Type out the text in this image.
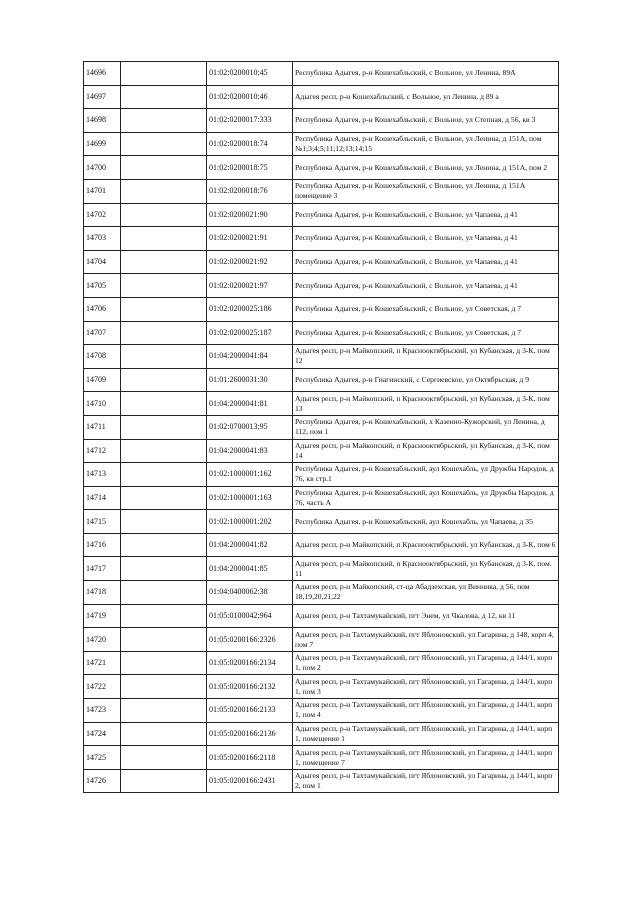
14696		01:02:0200010:45	Республика Адыгея, р-н Кошехабльский, с Вольное, ул Ленина, 89А
14697		01:02:0200010:46	Адыгея респ, р-н Кошехабльский, с Вольное, ул Ленина, д 89 а
14698		01:02:0200017:333	Республика Адыгея, р-н Кошехабльский, с Вольное, ул Степная, д 56, кв 3
14699		01:02:0200018:74	Республика Адыгея, р-н Кошехабльский, с Вольное, ул Ленина, д 151А, пом №1;3;4;5;11;12;13;14;15
14700		01:02:0200018:75	Республика Адыгея, р-н Кошехабльский, с Вольное, ул Ленина, д 151А, пом 2
14701		01:02:0200018:76	Республика Адыгея, р-н Кошехабльский, с Вольное, ул Ленина, д 151А помещение 3
14702		01:02:0200021:90	Республика Адыгея, р-н Кошехабльский, с Вольное, ул Чапаева, д 41
14703		01:02:0200021:91	Республика Адыгея, р-н Кошехабльский, с Вольное, ул Чапаева, д 41
14704		01:02:0200021:92	Республика Адыгея, р-н Кошехабльский, с Вольное, ул Чапаева, д 41
14705		01:02:0200021:97	Республика Адыгея, р-н Кошехабльский, с Вольное, ул Чапаева, д 41
14706		01:02:0200025:186	Республика Адыгея, р-н Кошехабльский, с Вольное, ул Советская, д 7
14707		01:02:0200025:187	Республика Адыгея, р-н Кошехабльский, с Вольное, ул Советская, д 7
14708		01:04:2000041:84	Адыгея респ, р-н Майкопский, п Краснооктябрьский, ул Кубанская, д 3-К, пом 12
14709		01:01:2600031:30	Республика Адыгея, р-н Гиагинский, с Сергиевское, ул Октябрьская, д 9
14710		01:04:2000041:81	Адыгея респ, р-н Майкопский, п Краснооктябрьский, ул Кубанская, д 3-К, пом 13
14711		01:02:0700013:95	Республика Адыгея, р-н Кошехабльский, х Казенно-Кужорский, ул Ленина, д 112, пом 1
14712		01:04:2000041:83	Адыгея респ, р-н Майкопский, п Краснооктябрьский, ул Кубанская, д 3-К, пом 14
14713		01:02:1000001:162	Республика Адыгея, р-н Кошехабльский, аул Кошехабль, ул Дружбы Народов, д 76, кв стр.1
14714		01:02:1000001:163	Республика Адыгея, р-н Кошехабльский, аул Кошехабль, ул Дружбы Народов, д 76, часть А
14715		01:02:1000001:202	Республика Адыгея, р-н Кошехабльский, аул Кошехабль, ул Чапаева, д 35
14716		01:04:2000041:82	Адыгея респ, р-н Майкопский, п Краснооктябрьский, ул Кубанская, д 3-К, пом 6
14717		01:04:2000041:85	Адыгея респ, р-н Майкопский, п Краснооктябрьский, ул Кубанская, д 3-К, пом. 11
14718		01:04:0400062:38	Адыгея респ, р-н Майкопский, ст-ца Абадзехская, ул Винника, д 56, пом 18,19,20,21,22
14719		01:05:0100042:964	Адыгея респ, р-н Тахтамукайский, пгт Энем, ул Чкалова, д 12, кв 11
14720		01:05:0200166:2326	Адыгея респ, р-н Тахтамукайский, пгт Яблоновский, ул Гагарина, д 148, корп 4, пом 7
14721		01:05:0200166:2134	Адыгея респ, р-н Тахтамукайский, пгт Яблоновский, ул Гагарина, д 144/1, корп 1, пом 2
14722		01:05:0200166:2132	Адыгея респ, р-н Тахтамукайский, пгт Яблоновский, ул Гагарина, д 144/1, корп 1, пом 3
14723		01:05:0200166:2133	Адыгея респ, р-н Тахтамукайский, пгт Яблоновский, ул Гагарина, д 144/1, корп 1, пом 4
14724		01:05:0200166:2136	Адыгея респ, р-н Тахтамукайский, пгт Яблоновский, ул Гагарина, д 144/1, корп 1, помещение 1
14725		01:05:0200166:2118	Адыгея респ, р-н Тахтамукайский, пгт Яблоновский, ул Гагарина, д 144/1, корп 1, помещение 7
14726		01:05:0200166:2431	Адыгея респ, р-н Тахтамукайский, пгт Яблоновский, ул Гагарина, д 144/1, корп 2, пом 1
